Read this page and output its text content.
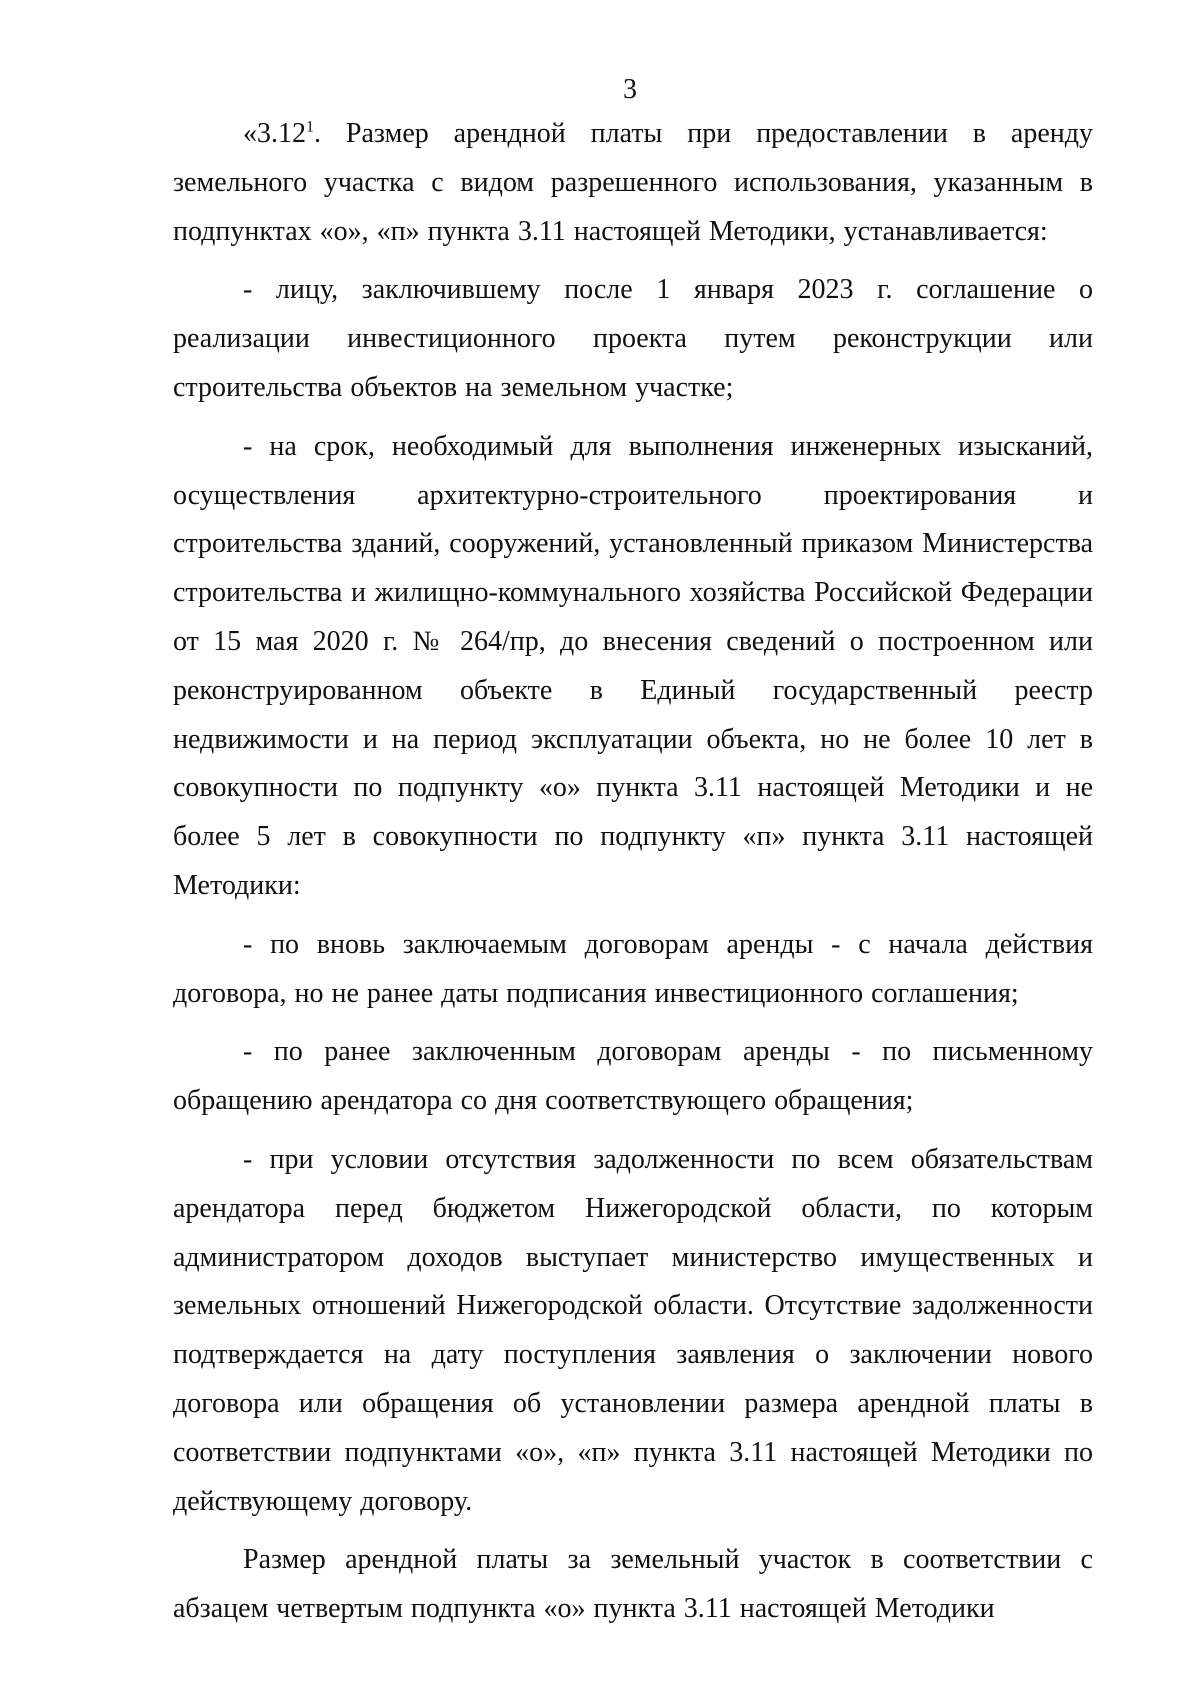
3

«3.12$^1$. Размер арендной платы при предоставлении в аренду земельного участка с видом разрешенного использования, указанным в подпунктах «о», «п» пункта 3.11 настоящей Методики, устанавливается:

- лицу, заключившему после 1 января 2023 г. соглашение о реализации инвестиционного проекта путем реконструкции или строительства объектов на земельном участке;

- на срок, необходимый для выполнения инженерных изысканий, осуществления архитектурно-строительного проектирования и строительства зданий, сооружений, установленный приказом Министерства строительства и жилищно-коммунального хозяйства Российской Федерации от 15 мая 2020 г. № 264/пр, до внесения сведений о построенном или реконструированном объекте в Единый государственный реестр недвижимости и на период эксплуатации объекта, но не более 10 лет в совокупности по подпункту «о» пункта 3.11 настоящей Методики и не более 5 лет в совокупности по подпункту «п» пункта 3.11 настоящей Методики:

- по вновь заключаемым договорам аренды - с начала действия договора, но не ранее даты подписания инвестиционного соглашения;

- по ранее заключенным договорам аренды - по письменному обращению арендатора со дня соответствующего обращения;

- при условии отсутствия задолженности по всем обязательствам арендатора перед бюджетом Нижегородской области, по которым администратором доходов выступает министерство имущественных и земельных отношений Нижегородской области. Отсутствие задолженности подтверждается на дату поступления заявления о заключении нового договора или обращения об установлении размера арендной платы в соответствии подпунктами «о», «п» пункта 3.11 настоящей Методики по действующему договору.

Размер арендной платы за земельный участок в соответствии с абзацем четвертым подпункта «о» пункта 3.11 настоящей Методики
